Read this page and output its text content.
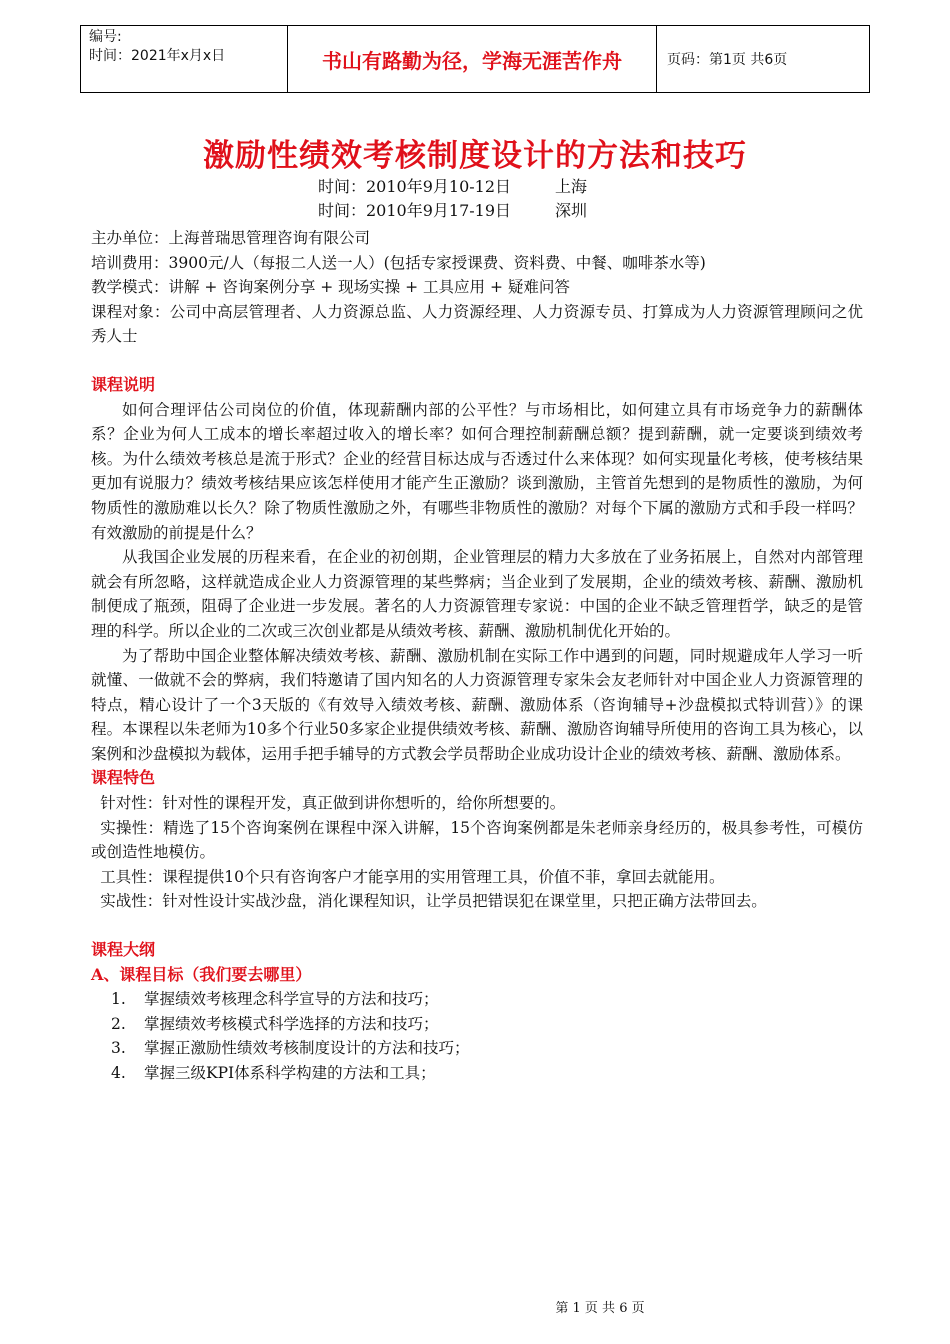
编号:
时间：2021年x月x日	书山有路勤为径，学海无涯苦作舟	页码：第1页 共6页
激励性绩效考核制度设计的方法和技巧
时间：2010年9月10-12日	上海
时间：2010年9月17-19日	深圳

主办单位：上海普瑞思管理咨询有限公司

培训费用：3900元/人（每报二人送一人）(包括专家授课费、资料费、中餐、咖啡茶水等)

教学模式：讲解 + 咨询案例分享 + 现场实操 + 工具应用 + 疑难问答

课程对象：公司中高层管理者、人力资源总监、人力资源经理、人力资源专员、打算成为人力资源管理顾问之优秀人士

课程说明

如何合理评估公司岗位的价值，体现薪酬内部的公平性？与市场相比，如何建立具有市场竞争力的薪酬体系？企业为何人工成本的增长率超过收入的增长率？如何合理控制薪酬总额？提到薪酬，就一定要谈到绩效考核。为什么绩效考核总是流于形式？企业的经营目标达成与否透过什么来体现？如何实现量化考核，使考核结果更加有说服力？绩效考核结果应该怎样使用才能产生正激励？谈到激励，主管首先想到的是物质性的激励，为何物质性的激励难以长久？除了物质性激励之外，有哪些非物质性的激励？对每个下属的激励方式和手段一样吗？有效激励的前提是什么？

从我国企业发展的历程来看，在企业的初创期，企业管理层的精力大多放在了业务拓展上，自然对内部管理就会有所忽略，这样就造成企业人力资源管理的某些弊病；当企业到了发展期，企业的绩效考核、薪酬、激励机制便成了瓶颈，阻碍了企业进一步发展。著名的人力资源管理专家说：中国的企业不缺乏管理哲学，缺乏的是管理的科学。所以企业的二次或三次创业都是从绩效考核、薪酬、激励机制优化开始的。

为了帮助中国企业整体解决绩效考核、薪酬、激励机制在实际工作中遇到的问题，同时规避成年人学习一听就懂、一做就不会的弊病，我们特邀请了国内知名的人力资源管理专家朱会友老师针对中国企业人力资源管理的特点，精心设计了一个3天版的《有效导入绩效考核、薪酬、激励体系（咨询辅导+沙盘模拟式特训营）》的课程。本课程以朱老师为10多个行业50多家企业提供绩效考核、薪酬、激励咨询辅导所使用的咨询工具为核心，以案例和沙盘模拟为载体，运用手把手辅导的方式教会学员帮助企业成功设计企业的绩效考核、薪酬、激励体系。

课程特色

针对性：针对性的课程开发，真正做到讲你想听的，给你所想要的。

实操性：精选了15个咨询案例在课程中深入讲解，15个咨询案例都是朱老师亲身经历的，极具参考性，可模仿或创造性地模仿。

工具性：课程提供10个只有咨询客户才能享用的实用管理工具，价值不菲，拿回去就能用。

实战性：针对性设计实战沙盘，消化课程知识，让学员把错误犯在课堂里，只把正确方法带回去。

课程大纲

A、课程目标（我们要去哪里）

1. 掌握绩效考核理念科学宣导的方法和技巧；
2. 掌握绩效考核模式科学选择的方法和技巧；
3. 掌握正激励性绩效考核制度设计的方法和技巧；
4. 掌握三级KPI体系科学构建的方法和工具；
第 1 页 共 6 页
